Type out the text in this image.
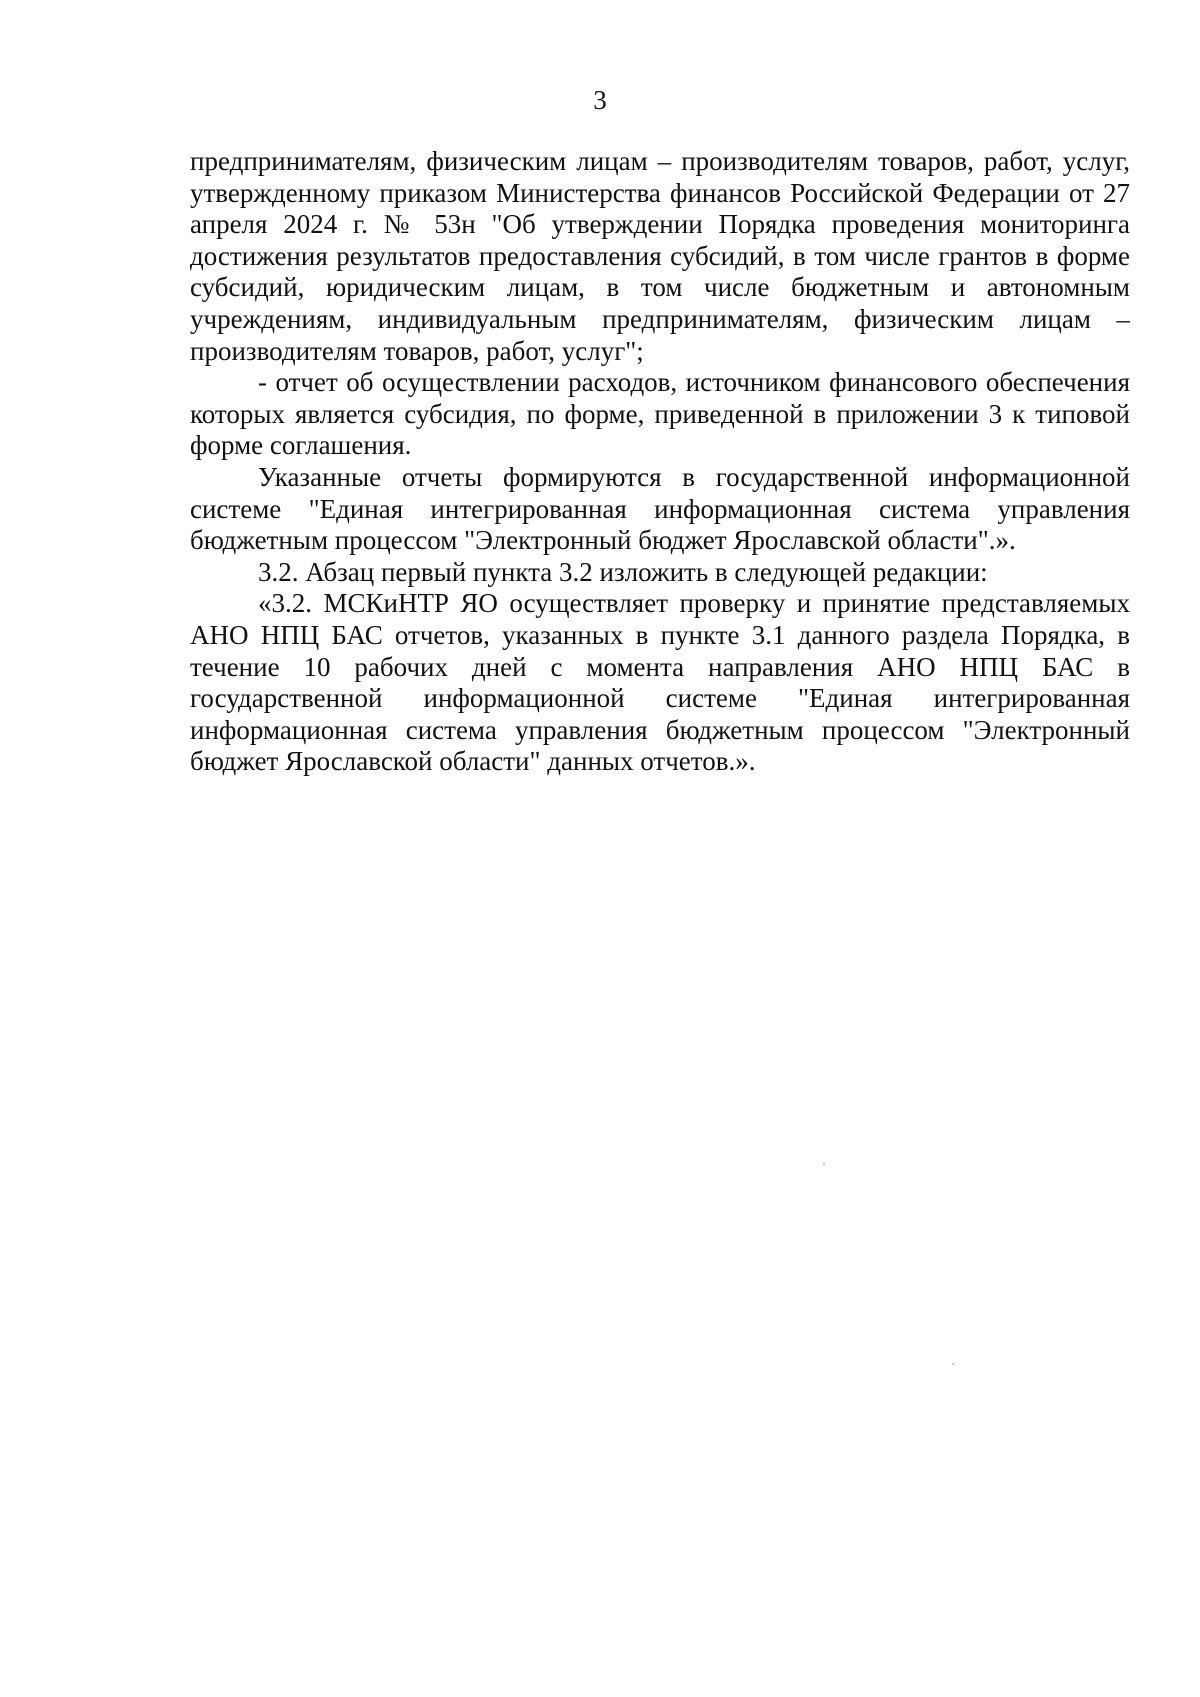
3

предпринимателям, физическим лицам – производителям товаров, работ, услуг, утвержденному приказом Министерства финансов Российской Федерации от 27 апреля 2024 г. № 53н "Об утверждении Порядка проведения мониторинга достижения результатов предоставления субсидий, в том числе грантов в форме субсидий, юридическим лицам, в том числе бюджетным и автономным учреждениям, индивидуальным предпринимателям, физическим лицам – производителям товаров, работ, услуг";

- отчет об осуществлении расходов, источником финансового обеспечения которых является субсидия, по форме, приведенной в приложении 3 к типовой форме соглашения.

Указанные отчеты формируются в государственной информационной системе "Единая интегрированная информационная система управления бюджетным процессом "Электронный бюджет Ярославской области".».

3.2. Абзац первый пункта 3.2 изложить в следующей редакции:

«3.2. МСКиНТР ЯО осуществляет проверку и принятие представляемых АНО НПЦ БАС отчетов, указанных в пункте 3.1 данного раздела Порядка, в течение 10 рабочих дней с момента направления АНО НПЦ БАС в государственной информационной системе "Единая интегрированная информационная система управления бюджетным процессом "Электронный бюджет Ярославской области" данных отчетов.».
